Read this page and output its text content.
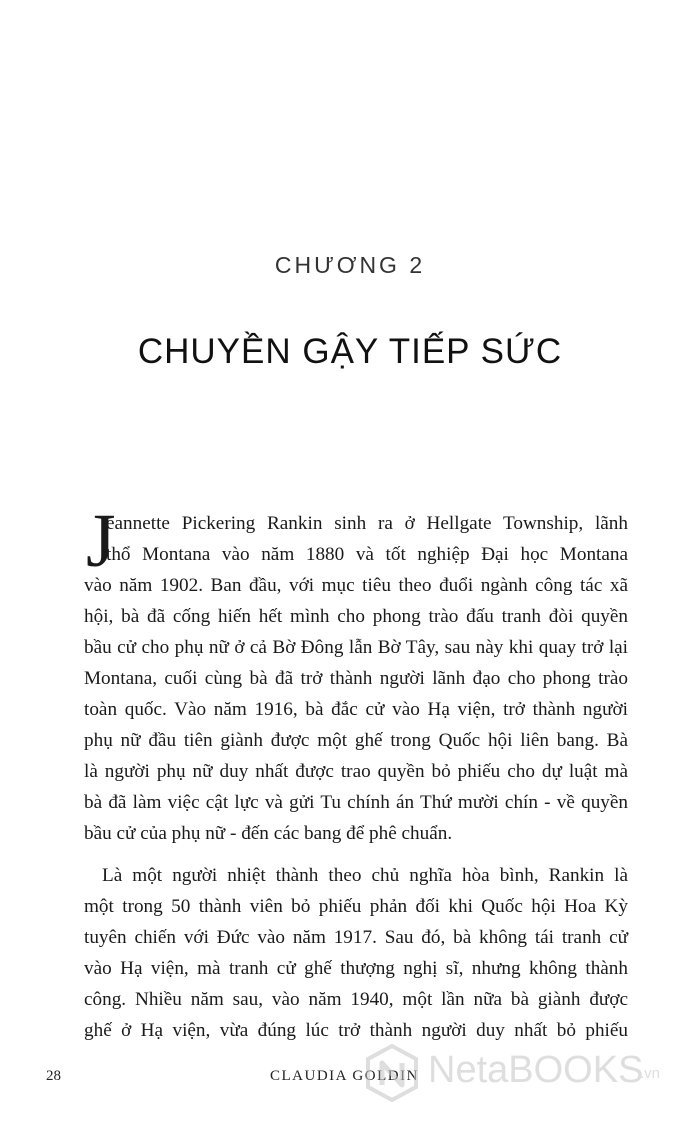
CHƯƠNG 2
CHUYỀN GẬY TIẾP SỨC
J
eannette Pickering Rankin sinh ra ở Hellgate Township, lãnh
thổ Montana vào năm 1880 và tốt nghiệp Đại học Montana
vào năm 1902. Ban đầu, với mục tiêu theo đuổi ngành công tác xã
hội, bà đã cống hiến hết mình cho phong trào đấu tranh đòi quyền
bầu cử cho phụ nữ ở cả Bờ Đông lẫn Bờ Tây, sau này khi quay trở lại
Montana, cuối cùng bà đã trở thành người lãnh đạo cho phong trào
toàn quốc. Vào năm 1916, bà đắc cử vào Hạ viện, trở thành người
phụ nữ đầu tiên giành được một ghế trong Quốc hội liên bang. Bà
là người phụ nữ duy nhất được trao quyền bỏ phiếu cho dự luật mà
bà đã làm việc cật lực và gửi Tu chính án Thứ mười chín - về quyền
bầu cử của phụ nữ - đến các bang để phê chuẩn.
Là một người nhiệt thành theo chủ nghĩa hòa bình, Rankin là
một trong 50 thành viên bỏ phiếu phản đối khi Quốc hội Hoa Kỳ
tuyên chiến với Đức vào năm 1917. Sau đó, bà không tái tranh cử
vào Hạ viện, mà tranh cử ghế thượng nghị sĩ, nhưng không thành
công. Nhiều năm sau, vào năm 1940, một lần nữa bà giành được
ghế ở Hạ viện, vừa đúng lúc trở thành người duy nhất bỏ phiếu
28	CLAUDIA GOLDIN NetaBOOKS
.vn
